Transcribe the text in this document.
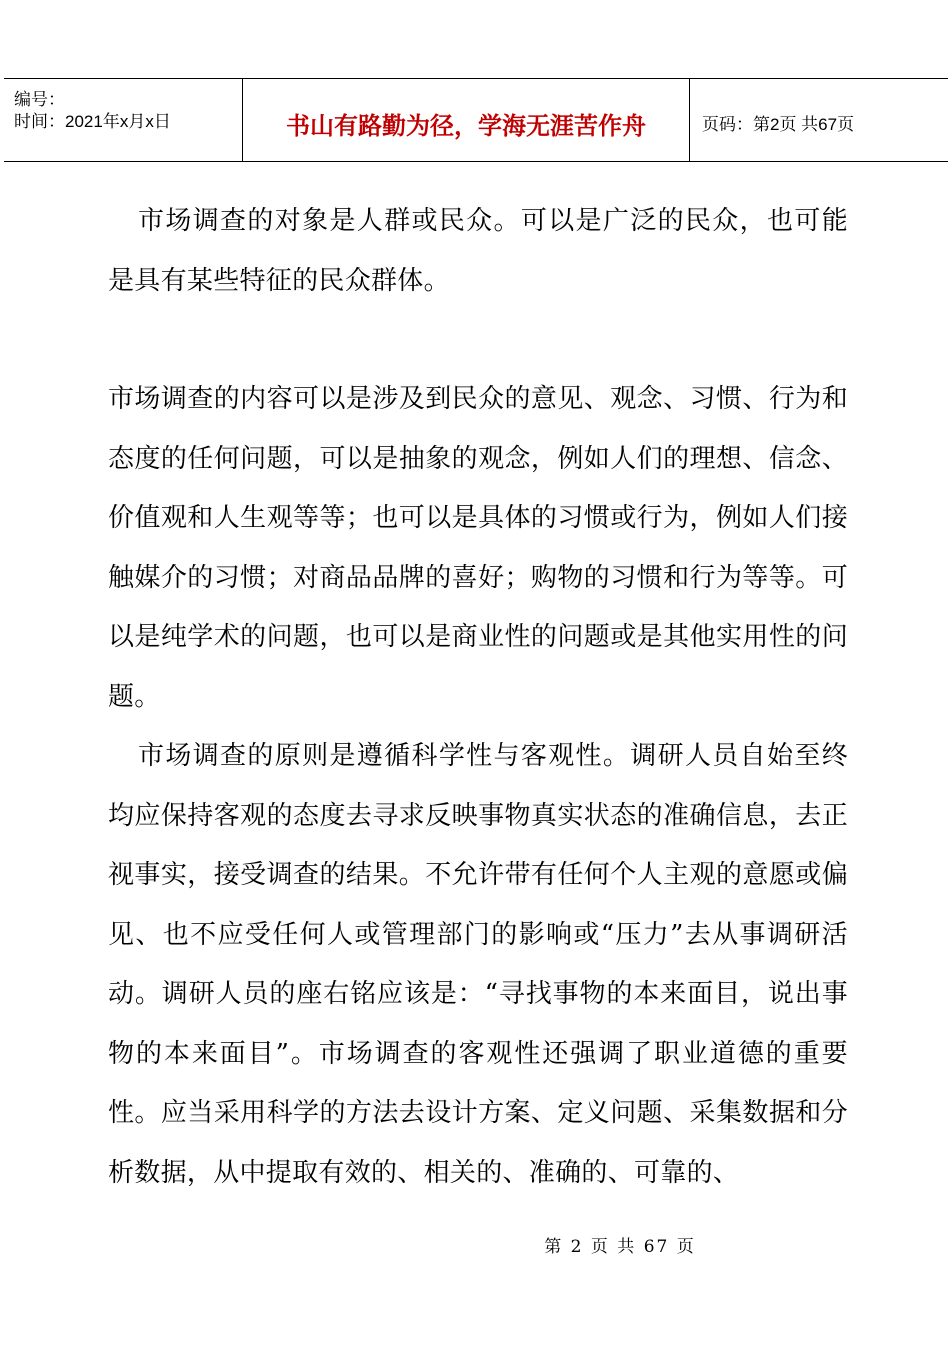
编号：
时间：2021年x月x日	书山有路勤为径，学海无涯苦作舟	页码：第2页 共67页

市场调查的对象是人群或民众。可以是广泛的民众，也可能是具有某些特征的民众群体。

市场调查的内容可以是涉及到民众的意见、观念、习惯、行为和态度的任何问题，可以是抽象的观念，例如人们的理想、信念、价值观和人生观等等；也可以是具体的习惯或行为，例如人们接触媒介的习惯；对商品品牌的喜好；购物的习惯和行为等等。可以是纯学术的问题，也可以是商业性的问题或是其他实用性的问题。

市场调查的原则是遵循科学性与客观性。调研人员自始至终均应保持客观的态度去寻求反映事物真实状态的准确信息，去正视事实，接受调查的结果。不允许带有任何个人主观的意愿或偏见、也不应受任何人或管理部门的影响或“压力”去从事调研活动。调研人员的座右铭应该是：“寻找事物的本来面目，说出事物的本来面目”。市场调查的客观性还强调了职业道德的重要性。应当采用科学的方法去设计方案、定义问题、采集数据和分析数据，从中提取有效的、相关的、准确的、可靠的、

第 2 页 共 67 页
